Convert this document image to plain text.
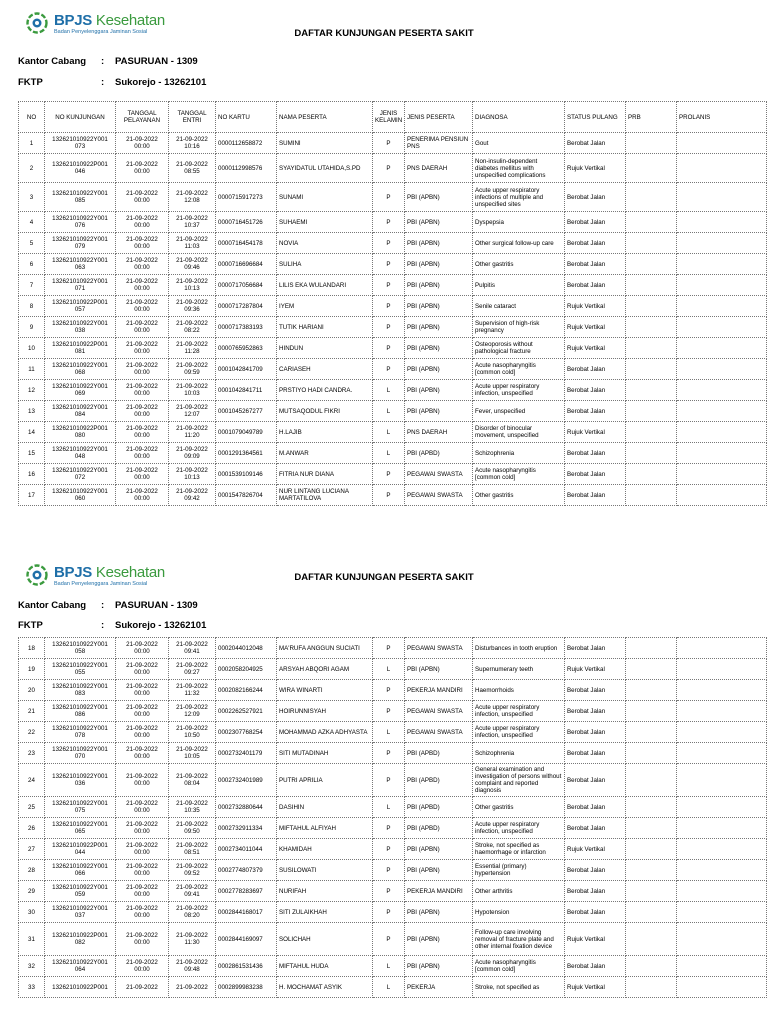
BPJS Kesehatan
Badan Penyelenggara Jaminan Sosial	DAFTAR KUNJUNGAN PESERTA SAKIT
Kantor Cabang : PASURUAN - 1309
FKTP	: Sukorejo - 13262101
NO	NO KUNJUNGAN	TANGGAL PELAYANAN	TANGGAL ENTRI	NO KARTU	NAMA PESERTA	JENIS KELAMIN	JENIS PESERTA	DIAGNOSA	STATUS PULANG	PRB	PROLANIS
1	132621010922Y001 073	21-09-2022 00:00	21-09-2022 10:16	0000112658872	SUMINI	P	PENERIMA PENSIUN PNS	Gout	Berobat Jalan		
2	132621010922P001 046	21-09-2022 00:00	21-09-2022 08:55	0000112998576	SYAYIDATUL UTAHIDA,S.PD	P	PNS DAERAH	Non-insulin-dependent diabetes mellitus with unspecified complications	Rujuk Vertikal		
3	132621010922Y001 085	21-09-2022 00:00	21-09-2022 12:08	0000715917273	SUNAMI	P	PBI (APBN)	Acute upper respiratory infections of multiple and unspecified sites	Berobat Jalan		
4	132621010922Y001 076	21-09-2022 00:00	21-09-2022 10:37	0000716451726	SUHAEMI	P	PBI (APBN)	Dyspepsia	Berobat Jalan		
5	132621010922Y001 079	21-09-2022 00:00	21-09-2022 11:03	0000716454178	NOVIA	P	PBI (APBN)	Other surgical follow-up care	Berobat Jalan		
6	132621010922Y001 063	21-09-2022 00:00	21-09-2022 09:46	0000716696684	SULIHA	P	PBI (APBN)	Other gastritis	Berobat Jalan		
7	132621010922Y001 071	21-09-2022 00:00	21-09-2022 10:13	0000717056684	LILIS EKA WULANDARI	P	PBI (APBN)	Pulpitis	Berobat Jalan		
8	132621010922P001 057	21-09-2022 00:00	21-09-2022 09:36	0000717287804	IYEM	P	PBI (APBN)	Senile cataract	Rujuk Vertikal		
9	132621010922Y001 038	21-09-2022 00:00	21-09-2022 08:22	0000717383193	TUTIK HARIANI	P	PBI (APBN)	Supervision of high-risk pregnancy	Rujuk Vertikal		
10	132621010922P001 081	21-09-2022 00:00	21-09-2022 11:28	0000765952863	HINDUN	P	PBI (APBN)	Osteoporosis without pathological fracture	Rujuk Vertikal		
11	132621010922Y001 068	21-09-2022 00:00	21-09-2022 09:59	0001042841709	CARIASEH	P	PBI (APBN)	Acute nasopharyngitis [common cold]	Berobat Jalan		
12	132621010922Y001 069	21-09-2022 00:00	21-09-2022 10:03	0001042841711	PRSTIYO HADI CANDRA.	L	PBI (APBN)	Acute upper respiratory infection, unspecified	Berobat Jalan		
13	132621010922Y001 084	21-09-2022 00:00	21-09-2022 12:07	0001045267277	MUTSAQODUL FIKRI	L	PBI (APBN)	Fever, unspecified	Berobat Jalan		
14	132621010922P001 080	21-09-2022 00:00	21-09-2022 11:20	0001079049789	H.LAJIB	L	PNS DAERAH	Disorder of binocular movement, unspecified	Rujuk Vertikal		
15	132621010922Y001 048	21-09-2022 00:00	21-09-2022 09:09	0001291364561	M.ANWAR	L	PBI (APBD)	Schizophrenia	Berobat Jalan		
16	132621010922Y001 072	21-09-2022 00:00	21-09-2022 10:13	0001539109146	FITRIA NUR DIANA	P	PEGAWAI SWASTA	Acute nasopharyngitis [common cold]	Berobat Jalan		
17	132621010922Y001 060	21-09-2022 00:00	21-09-2022 09:42	0001547826704	NUR LINTANG LUCIANA MARTATILOVA	P	PEGAWAI SWASTA	Other gastritis	Berobat Jalan		
BPJS Kesehatan
Badan Penyelenggara Jaminan Sosial
DAFTAR KUNJUNGAN PESERTA SAKIT
Kantor Cabang : PASURUAN - 1309
FKTP	: Sukorejo - 13262101
18	132621010922Y001 058	21-09-2022 00:00	21-09-2022 09:41	0002044012048	MA'RUFA ANGGUN SUCIATI	P	PEGAWAI SWASTA	Disturbances in tooth eruption	Berobat Jalan		
19	132621010922Y001 055	21-09-2022 00:00	21-09-2022 09:27	0002058204925	ARSYAH ABQORI AGAM	L	PBI (APBN)	Supernumerary teeth	Rujuk Vertikal		
20	132621010922Y001 083	21-09-2022 00:00	21-09-2022 11:32	0002082166244	WIRA WINARTI	P	PEKERJA MANDIRI	Haemorrhoids	Berobat Jalan		
21	132621010922Y001 086	21-09-2022 00:00	21-09-2022 12:09	0002262527921	HOIRUNNISYAH	P	PEGAWAI SWASTA	Acute upper respiratory infection, unspecified	Berobat Jalan		
22	132621010922Y001 078	21-09-2022 00:00	21-09-2022 10:50	0002307768254	MOHAMMAD AZKA ADHYASTA	L	PEGAWAI SWASTA	Acute upper respiratory infection, unspecified	Berobat Jalan		
23	132621010922Y001 070	21-09-2022 00:00	21-09-2022 10:05	0002732401179	SITI MUTADINAH	P	PBI (APBD)	Schizophrenia	Berobat Jalan		
24	132621010922Y001 036	21-09-2022 00:00	21-09-2022 08:04	0002732401989	PUTRI APRILIA	P	PBI (APBD)	General examination and investigation of persons without complaint and reported diagnosis	Berobat Jalan		
25	132621010922Y001 075	21-09-2022 00:00	21-09-2022 10:35	0002732880644	DASIHIN	L	PBI (APBD)	Other gastritis	Berobat Jalan		
26	132621010922Y001 065	21-09-2022 00:00	21-09-2022 09:50	0002732911334	MIFTAHUL ALFIYAH	P	PBI (APBD)	Acute upper respiratory infection, unspecified	Berobat Jalan		
27	132621010922P001 044	21-09-2022 00:00	21-09-2022 08:51	0002734011044	KHAMIDAH	P	PBI (APBN)	Stroke, not specified as haemorrhage or infarction	Rujuk Vertikal		
28	132621010922Y001 066	21-09-2022 00:00	21-09-2022 09:52	0002774807379	SUSILOWATI	P	PBI (APBN)	Essential (primary) hypertension	Berobat Jalan		
29	132621010922Y001 059	21-09-2022 00:00	21-09-2022 09:41	0002778283697	NURIFAH	P	PEKERJA MANDIRI	Other arthritis	Berobat Jalan		
30	132621010922Y001 037	21-09-2022 00:00	21-09-2022 08:20	0002844168017	SITI ZULAIKHAH	P	PBI (APBN)	Hypotension	Berobat Jalan		
31	132621010922P001 082	21-09-2022 00:00	21-09-2022 11:30	0002844169097	SOLICHAH	P	PBI (APBN)	Follow-up care involving removal of fracture plate and other internal fixation device	Rujuk Vertikal		
32	132621010922Y001 064	21-09-2022 00:00	21-09-2022 09:48	0002861531436	MIFTAHUL HUDA	L	PBI (APBN)	Acute nasopharyngitis [common cold]	Berobat Jalan		
33	132621010922P001	21-09-2022	21-09-2022	0002899983238	H. MOCHAMAT ASYIK	L	PEKERJA	Stroke, not specified as	Rujuk Vertikal		
